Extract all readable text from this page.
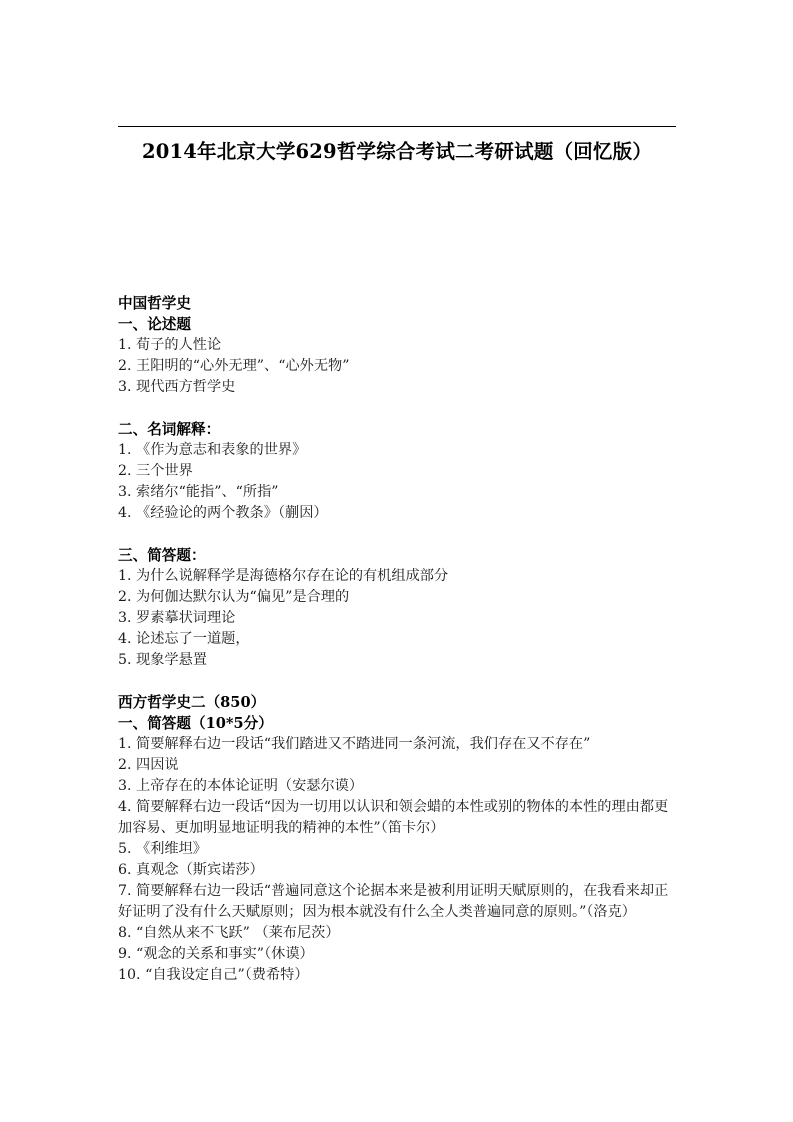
2014年北京大学629哲学综合考试二考研试题（回忆版）
中国哲学史
一、论述题
1. 荀子的人性论
2. 王阳明的“心外无理”、“心外无物”
3. 现代西方哲学史
二、名词解释：
1. 《作为意志和表象的世界》
2. 三个世界
3. 索绪尔“能指”、“所指”
4. 《经验论的两个教条》（蒯因）
三、简答题：
1. 为什么说解释学是海德格尔存在论的有机组成部分
2. 为何伽达默尔认为“偏见”是合理的
3. 罗素摹状词理论
4. 论述忘了一道题，
5. 现象学悬置
西方哲学史二（850）
一、简答题（10*5分）
1. 简要解释右边一段话“我们踏进又不踏进同一条河流，我们存在又不存在”
2. 四因说
3. 上帝存在的本体论证明（安瑟尔谟）
4. 简要解释右边一段话“因为一切用以认识和领会蜡的本性或别的物体的本性的理由都更加容易、更加明显地证明我的精神的本性”（笛卡尔）
5. 《利维坦》
6. 真观念（斯宾诺莎）
7. 简要解释右边一段话“普遍同意这个论据本来是被利用证明天赋原则的，在我看来却正好证明了没有什么天赋原则；因为根本就没有什么全人类普遍同意的原则。”（洛克）
8. “自然从来不飞跃” （莱布尼茨）
9. “观念的关系和事实”（休谟）
10. “自我设定自己”（费希特）
